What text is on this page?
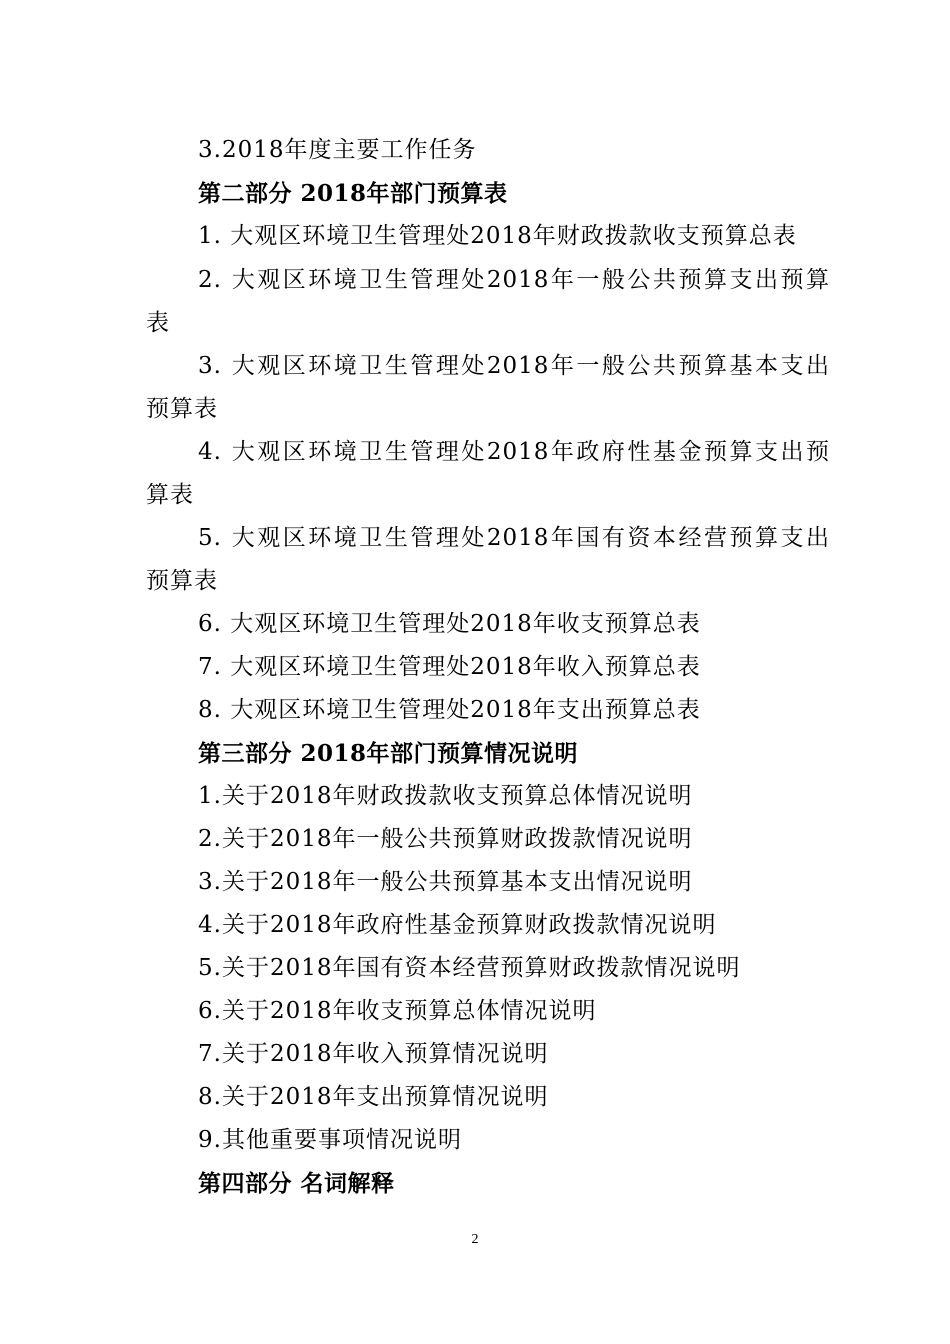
3.2018年度主要工作任务
第二部分 2018年部门预算表
1. 大观区环境卫生管理处2018年财政拨款收支预算总表
2. 大观区环境卫生管理处2018年一般公共预算支出预算
表
3. 大观区环境卫生管理处2018年一般公共预算基本支出
预算表
4. 大观区环境卫生管理处2018年政府性基金预算支出预
算表
5. 大观区环境卫生管理处2018年国有资本经营预算支出
预算表
6. 大观区环境卫生管理处2018年收支预算总表
7. 大观区环境卫生管理处2018年收入预算总表
8. 大观区环境卫生管理处2018年支出预算总表
第三部分 2018年部门预算情况说明
1.关于2018年财政拨款收支预算总体情况说明
2.关于2018年一般公共预算财政拨款情况说明
3.关于2018年一般公共预算基本支出情况说明
4.关于2018年政府性基金预算财政拨款情况说明
5.关于2018年国有资本经营预算财政拨款情况说明
6.关于2018年收支预算总体情况说明
7.关于2018年收入预算情况说明
8.关于2018年支出预算情况说明
9.其他重要事项情况说明
第四部分 名词解释
2
